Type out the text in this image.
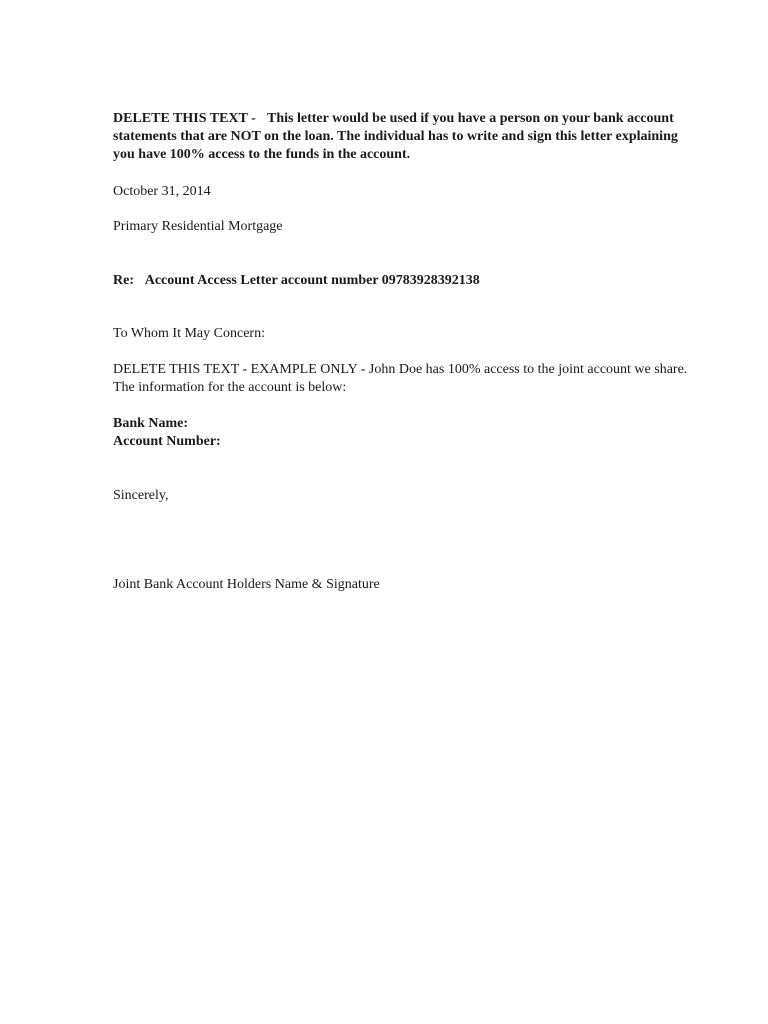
DELETE THIS TEXT - This letter would be used if you have a person on your bank account statements that are NOT on the loan. The individual has to write and sign this letter explaining you have 100% access to the funds in the account.

October 31, 2014

Primary Residential Mortgage

Re: Account Access Letter account number 09783928392138

To Whom It May Concern:

DELETE THIS TEXT - EXAMPLE ONLY - John Doe has 100% access to the joint account we share. The information for the account is below:

Bank Name:

Account Number:

Sincerely,

Joint Bank Account Holders Name & Signature
